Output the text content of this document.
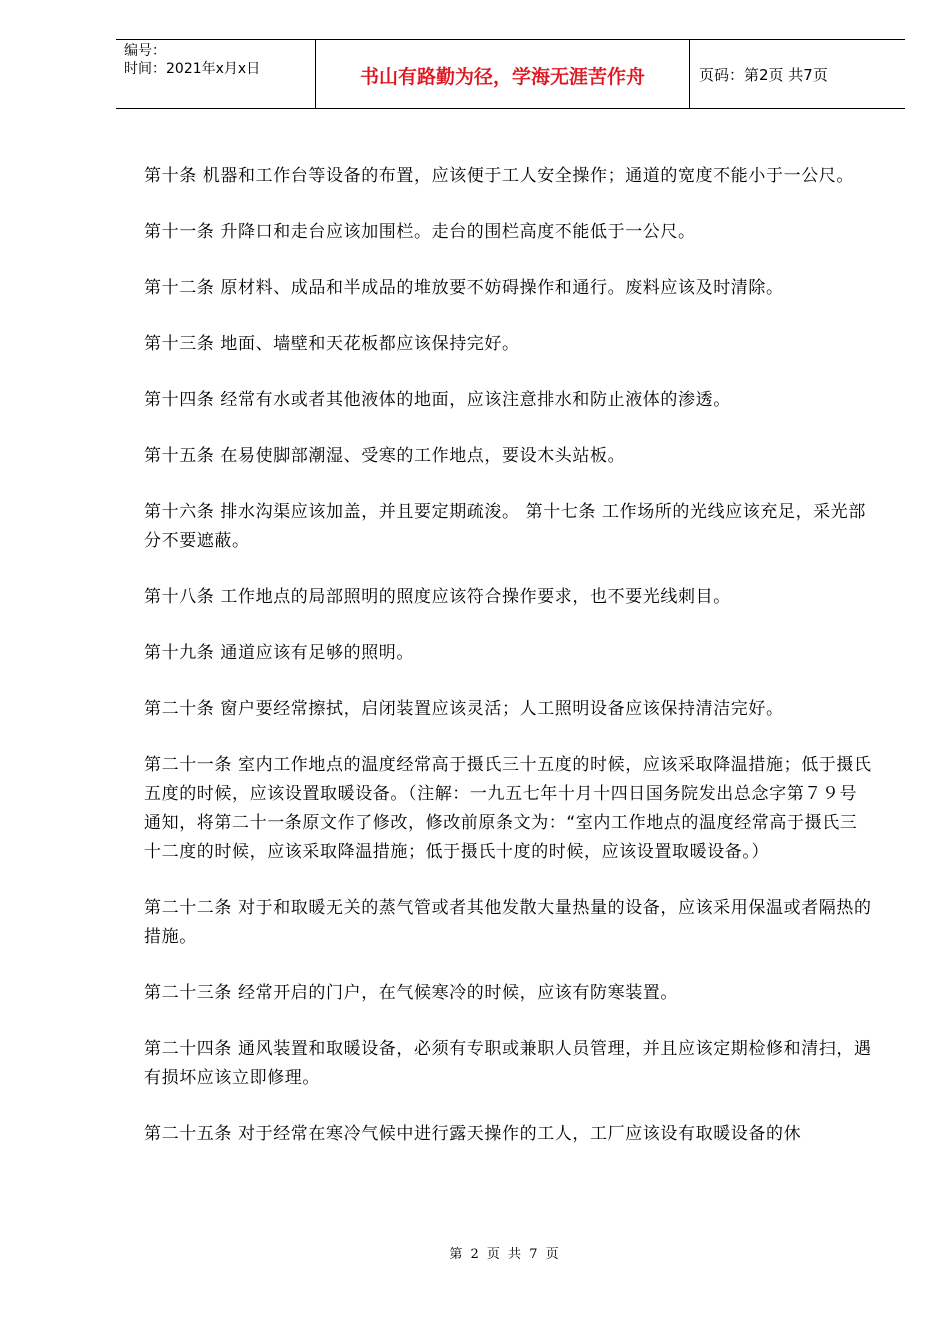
编号：
时间：2021年x月x日	书山有路勤为径，学海无涯苦作舟	页码：第2页 共7页

第十条 机器和工作台等设备的布置，应该便于工人安全操作；通道的宽度不能小于一公尺。

第十一条 升降口和走台应该加围栏。走台的围栏高度不能低于一公尺。

第十二条 原材料、成品和半成品的堆放要不妨碍操作和通行。废料应该及时清除。

第十三条 地面、墙壁和天花板都应该保持完好。

第十四条 经常有水或者其他液体的地面，应该注意排水和防止液体的渗透。

第十五条 在易使脚部潮湿、受寒的工作地点，要设木头站板。

第十六条 排水沟渠应该加盖，并且要定期疏浚。 第十七条 工作场所的光线应该充足，采光部分不要遮蔽。

第十八条 工作地点的局部照明的照度应该符合操作要求，也不要光线刺目。

第十九条 通道应该有足够的照明。

第二十条 窗户要经常擦拭，启闭装置应该灵活；人工照明设备应该保持清洁完好。

第二十一条 室内工作地点的温度经常高于摄氏三十五度的时候，应该采取降温措施；低于摄氏五度的时候，应该设置取暖设备。（注解：一九五七年十月十四日国务院发出总念字第７９号通知，将第二十一条原文作了修改，修改前原条文为：“室内工作地点的温度经常高于摄氏三十二度的时候，应该采取降温措施；低于摄氏十度的时候，应该设置取暖设备。）

第二十二条 对于和取暖无关的蒸气管或者其他发散大量热量的设备，应该采用保温或者隔热的措施。

第二十三条 经常开启的门户，在气候寒冷的时候，应该有防寒装置。

第二十四条 通风装置和取暖设备，必须有专职或兼职人员管理，并且应该定期检修和清扫，遇有损坏应该立即修理。

第二十五条 对于经常在寒冷气候中进行露天操作的工人，工厂应该设有取暖设备的休

第 2 页 共 7 页
